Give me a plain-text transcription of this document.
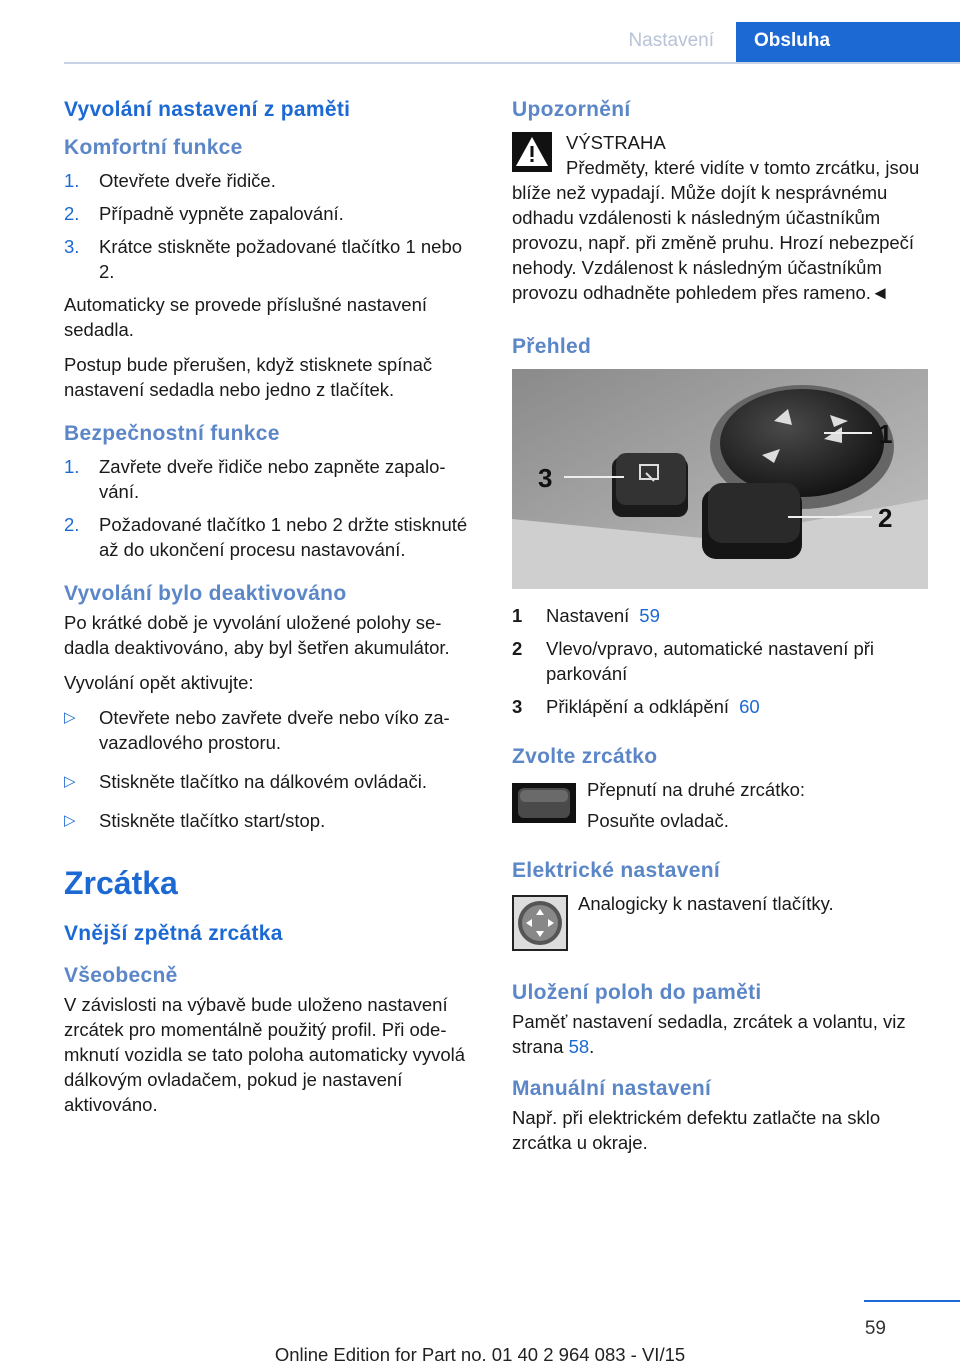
Nastavení	Obsluha
Vyvolání nastavení z paměti
Komfortní funkce
1. Otevřete dveře řidiče.
2. Případně vypněte zapalování.
3. Krátce stiskněte požadované tlačítko 1 nebo 2.

Automaticky se provede příslušné nastavení sedadla.

Postup bude přerušen, když stisknete spínač nastavení sedadla nebo jedno z tlačítek.

Bezpečnostní funkce
1. Zavřete dveře řidiče nebo zapněte zapalování.
2. Požadované tlačítko 1 nebo 2 držte stisknuté až do ukončení procesu nastavování.
Vyvolání bylo deaktivováno

Po krátké době je vyvolání uložené polohy sedadla deaktivováno, aby byl šetřen akumulátor.

Vyvolání opět aktivujte:

▷ Otevřete nebo zavřete dveře nebo víko zavazadlového prostoru.
▷ Stiskněte tlačítko na dálkovém ovládači.
▷ Stiskněte tlačítko start/stop.
Zrcátka
Vnější zpětná zrcátka
Všeobecně

V závislosti na výbavě bude uloženo nastavení zrcátek pro momentálně použitý profil. Při odemknutí vozidla se tato poloha automaticky vyvolá dálkovým ovladačem, pokud je nastavení aktivováno.

Upozornění

VÝSTRAHA

Předměty, které vidíte v tomto zrcátku, jsou blíže než vypadají. Může dojít k nesprávnému odhadu vzdálenosti k následným účastníkům provozu, např. při změně pruhu. Hrozí nebezpečí nehody. Vzdálenost k následným účastníkům provozu odhadněte pohledem přes rameno.◄

Přehled
1
2
3
1 Nastavení 59
2 Vlevo/vpravo, automatické nastavení při parkování
3 Přiklápění a odklápění 60
Zvolte zrcátko

Přepnutí na druhé zrcátko:

Posuňte ovladač.

Elektrické nastavení

Analogicky k nastavení tlačítky.

Uložení poloh do paměti

Paměť nastavení sedadla, zrcátek a volantu, viz strana 58.

Manuální nastavení

Např. při elektrickém defektu zatlačte na sklo zrcátka u okraje.

59
Online Edition for Part no. 01 40 2 964 083 - VI/15
